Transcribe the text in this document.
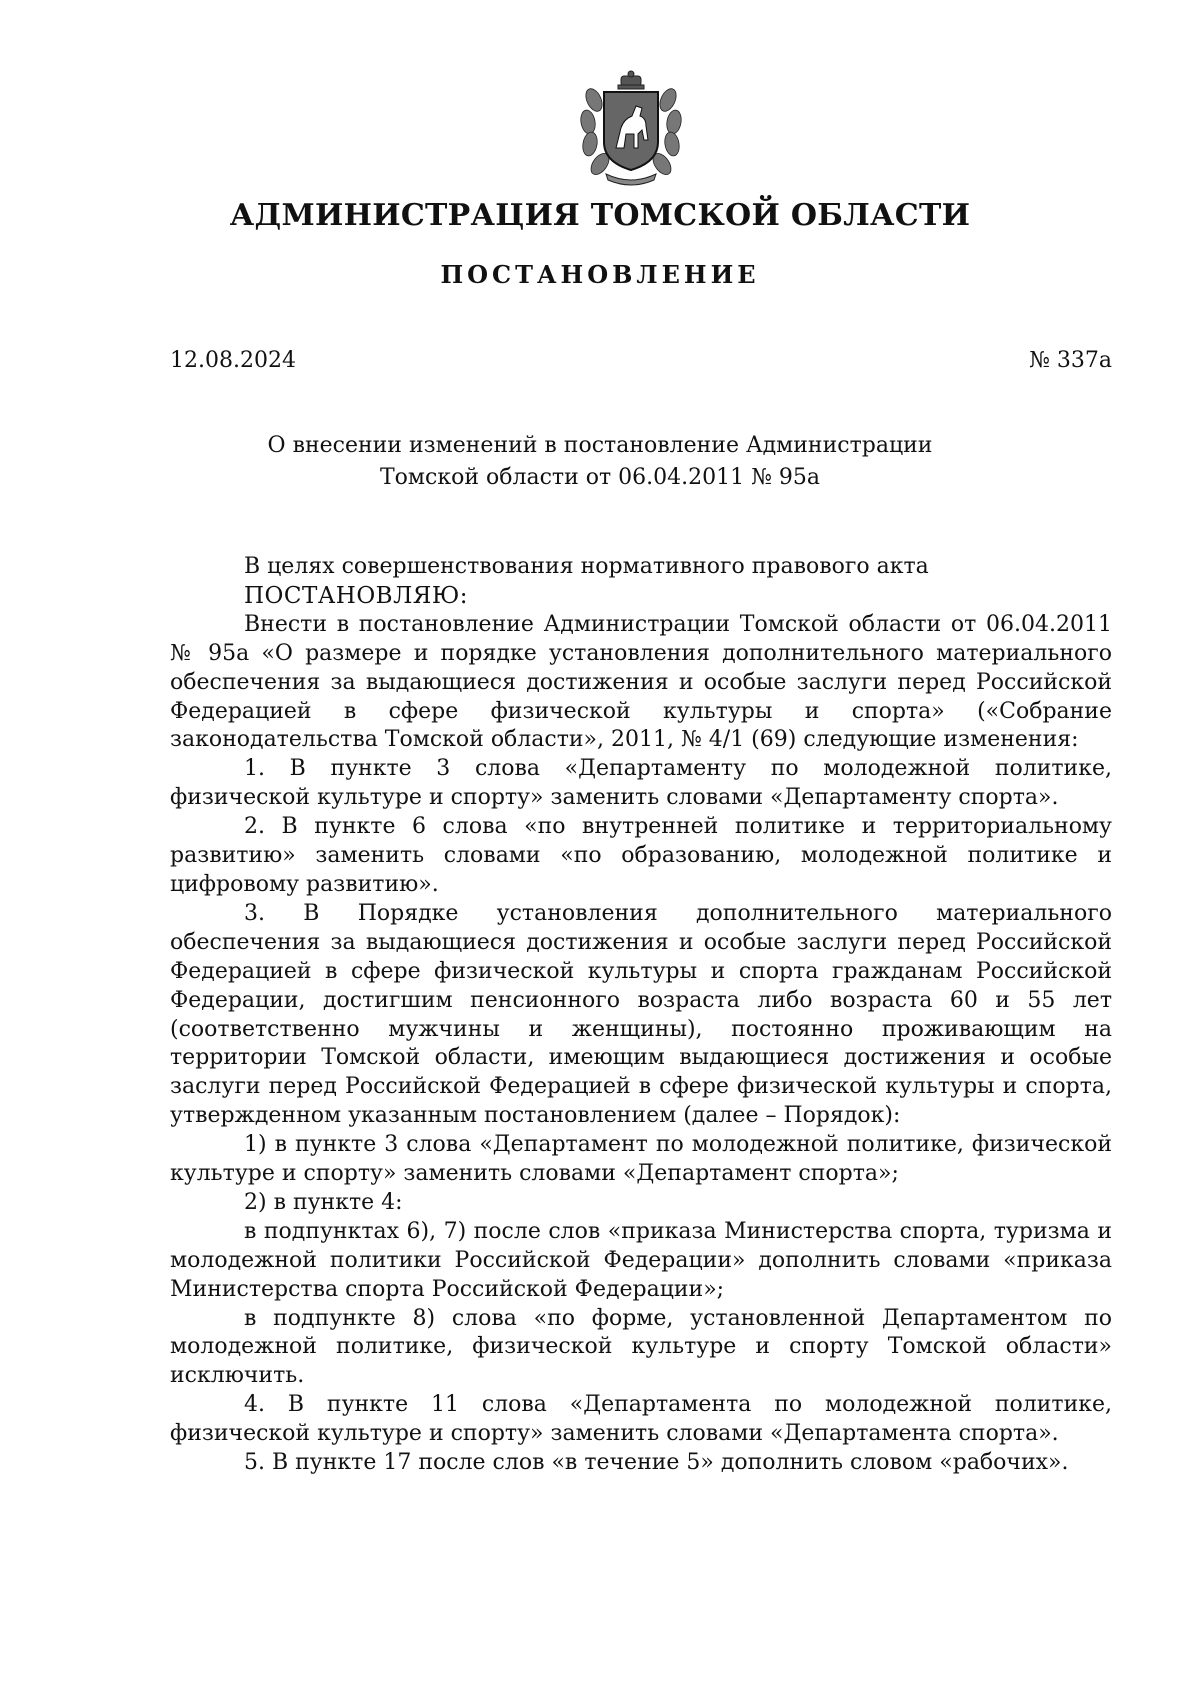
АДМИНИСТРАЦИЯ ТОМСКОЙ ОБЛАСТИ
ПОСТАНОВЛЕНИЕ
12.08.2024	№ 337а
О внесении изменений в постановление Администрации
Томской области от 06.04.2011 № 95а

В целях совершенствования нормативного правового акта

ПОСТАНОВЛЯЮ:

Внести в постановление Администрации Томской области от 06.04.2011 № 95а «О размере и порядке установления дополнительного материального обеспечения за выдающиеся достижения и особые заслуги перед Российской Федерацией в сфере физической культуры и спорта» («Собрание законодательства Томской области», 2011, № 4/1 (69) следующие изменения:

1. В пункте 3 слова «Департаменту по молодежной политике, физической культуре и спорту» заменить словами «Департаменту спорта».

2. В пункте 6 слова «по внутренней политике и территориальному развитию» заменить словами «по образованию, молодежной политике и цифровому развитию».

3. В Порядке установления дополнительного материального обеспечения за выдающиеся достижения и особые заслуги перед Российской Федерацией в сфере физической культуры и спорта гражданам Российской Федерации, достигшим пенсионного возраста либо возраста 60 и 55 лет (соответственно мужчины и женщины), постоянно проживающим на территории Томской области, имеющим выдающиеся достижения и особые заслуги перед Российской Федерацией в сфере физической культуры и спорта, утвержденном указанным постановлением (далее – Порядок):

1) в пункте 3 слова «Департамент по молодежной политике, физической культуре и спорту» заменить словами «Департамент спорта»;

2) в пункте 4:

в подпунктах 6), 7) после слов «приказа Министерства спорта, туризма и молодежной политики Российской Федерации» дополнить словами «приказа Министерства спорта Российской Федерации»;

в подпункте 8) слова «по форме, установленной Департаментом по молодежной политике, физической культуре и спорту Томской области» исключить.

4. В пункте 11 слова «Департамента по молодежной политике, физической культуре и спорту» заменить словами «Департамента спорта».

5. В пункте 17 после слов «в течение 5» дополнить словом «рабочих».
